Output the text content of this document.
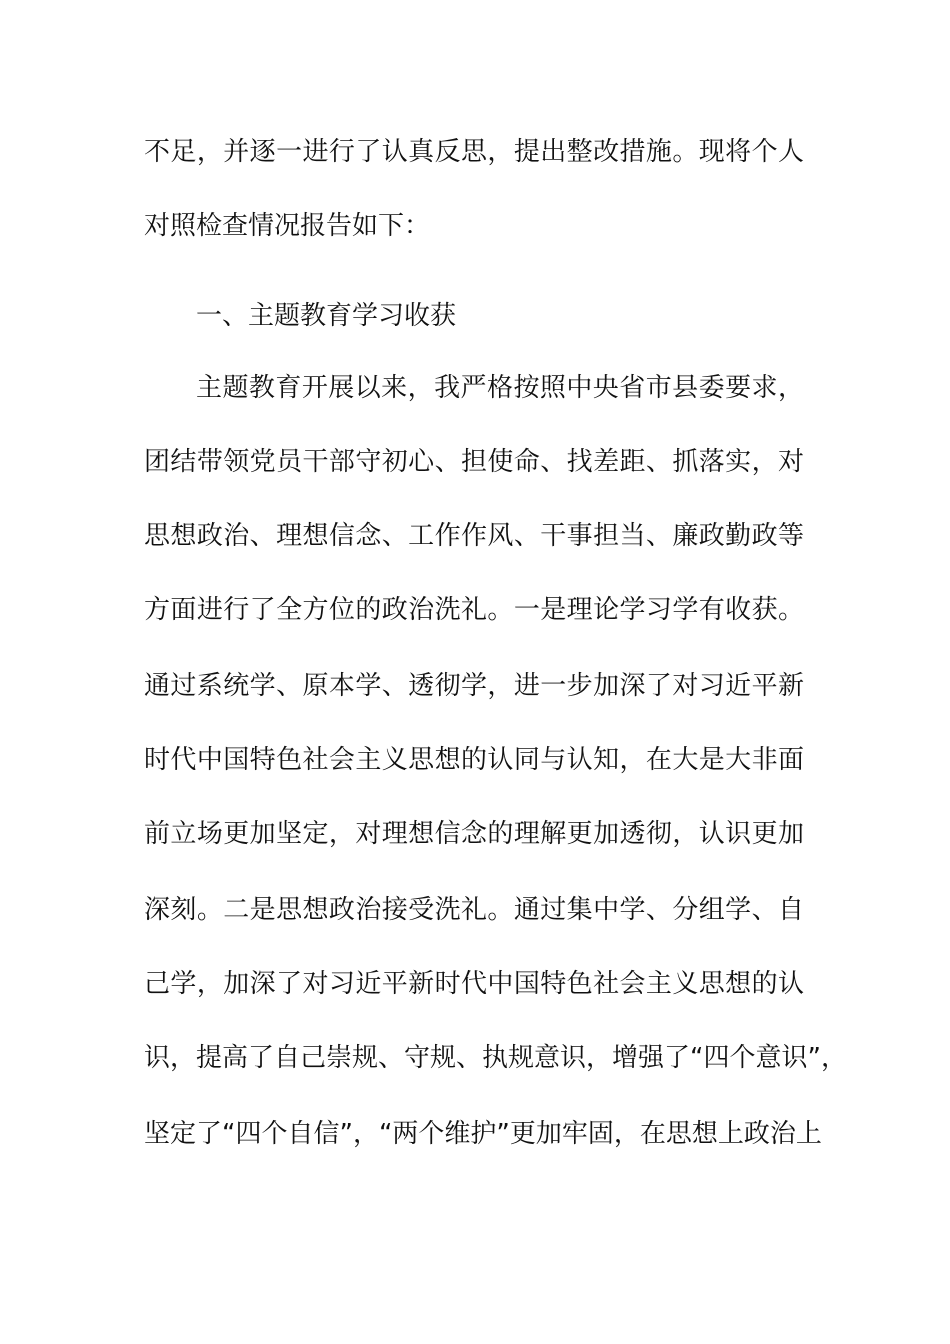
不足，并逐一进行了认真反思，提出整改措施。现将个人
对照检查情况报告如下：
一、主题教育学习收获
主题教育开展以来，我严格按照中央省市县委要求，
团结带领党员干部守初心、担使命、找差距、抓落实，对
思想政治、理想信念、工作作风、干事担当、廉政勤政等
方面进行了全方位的政治洗礼。一是理论学习学有收获。
通过系统学、原本学、透彻学，进一步加深了对习近平新
时代中国特色社会主义思想的认同与认知，在大是大非面
前立场更加坚定，对理想信念的理解更加透彻，认识更加
深刻。二是思想政治接受洗礼。通过集中学、分组学、自
己学，加深了对习近平新时代中国特色社会主义思想的认
识，提高了自己崇规、守规、执规意识，增强了“四个意识”，
坚定了“四个自信”，“两个维护”更加牢固，在思想上政治上
